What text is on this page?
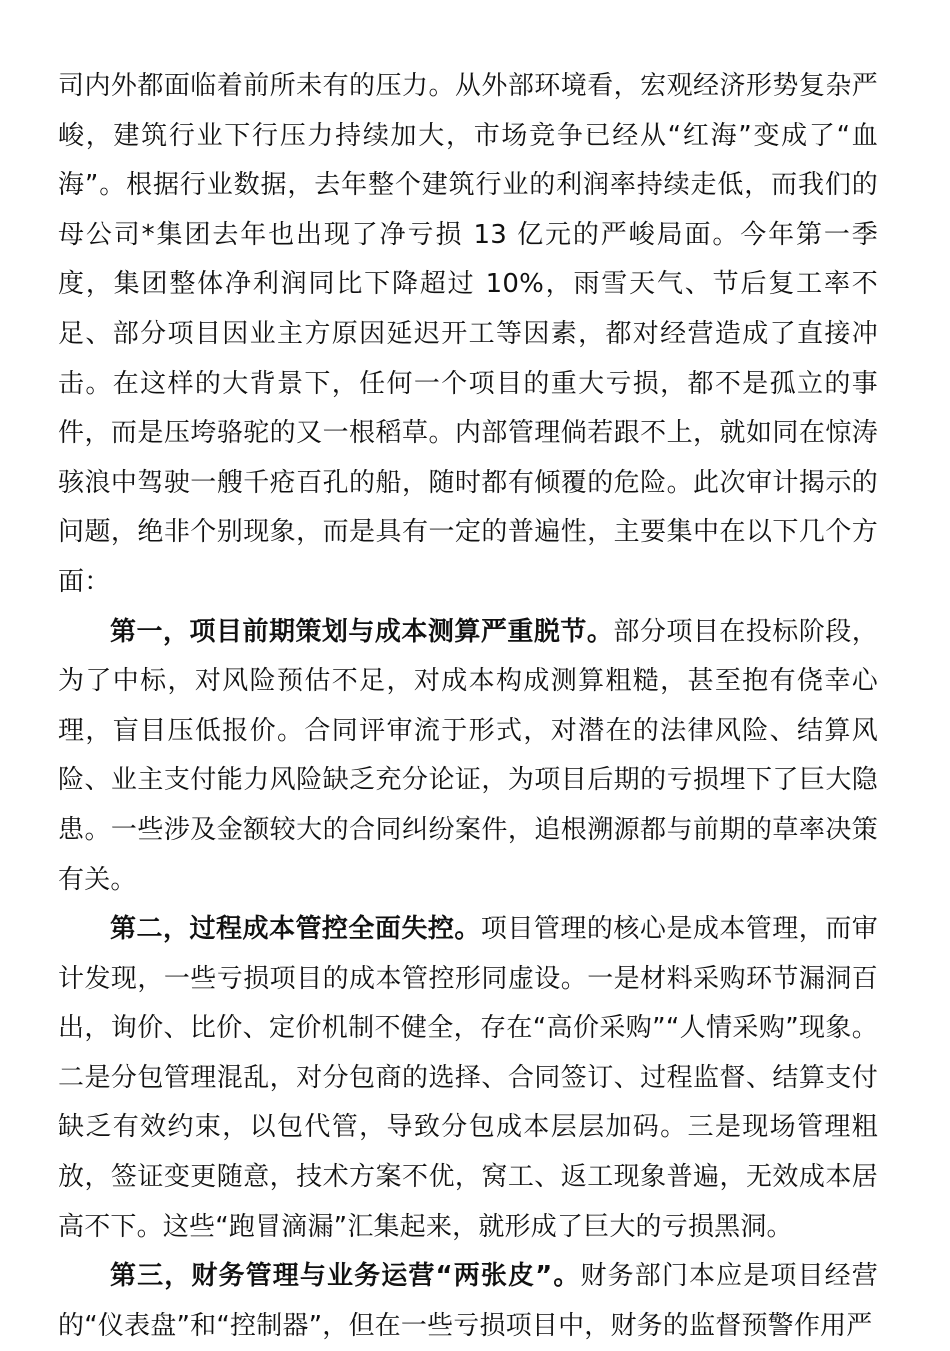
司内外都面临着前所未有的压力。从外部环境看，宏观经济形势复杂严峻，建筑行业下行压力持续加大，市场竞争已经从“红海”变成了“血海”。根据行业数据，去年整个建筑行业的利润率持续走低，而我们的母公司*集团去年也出现了净亏损 13 亿元的严峻局面。今年第一季度，集团整体净利润同比下降超过 10%，雨雪天气、节后复工率不足、部分项目因业主方原因延迟开工等因素，都对经营造成了直接冲击。在这样的大背景下，任何一个项目的重大亏损，都不是孤立的事件，而是压垮骆驼的又一根稻草。内部管理倘若跟不上，就如同在惊涛骇浪中驾驶一艘千疮百孔的船，随时都有倾覆的危险。此次审计揭示的问题，绝非个别现象，而是具有一定的普遍性，主要集中在以下几个方面：

第一，项目前期策划与成本测算严重脱节。部分项目在投标阶段，为了中标，对风险预估不足，对成本构成测算粗糙，甚至抱有侥幸心理，盲目压低报价。合同评审流于形式，对潜在的法律风险、结算风险、业主支付能力风险缺乏充分论证，为项目后期的亏损埋下了巨大隐患。一些涉及金额较大的合同纠纷案件，追根溯源都与前期的草率决策有关。

第二，过程成本管控全面失控。项目管理的核心是成本管理，而审计发现，一些亏损项目的成本管控形同虚设。一是材料采购环节漏洞百出，询价、比价、定价机制不健全，存在“高价采购”“人情采购”现象。二是分包管理混乱，对分包商的选择、合同签订、过程监督、结算支付缺乏有效约束，以包代管，导致分包成本层层加码。三是现场管理粗放，签证变更随意，技术方案不优，窝工、返工现象普遍，无效成本居高不下。这些“跑冒滴漏”汇集起来，就形成了巨大的亏损黑洞。

第三，财务管理与业务运营“两张皮”。财务部门本应是项目经营的“仪表盘”和“控制器”，但在一些亏损项目中，财务的监督预警作用严
